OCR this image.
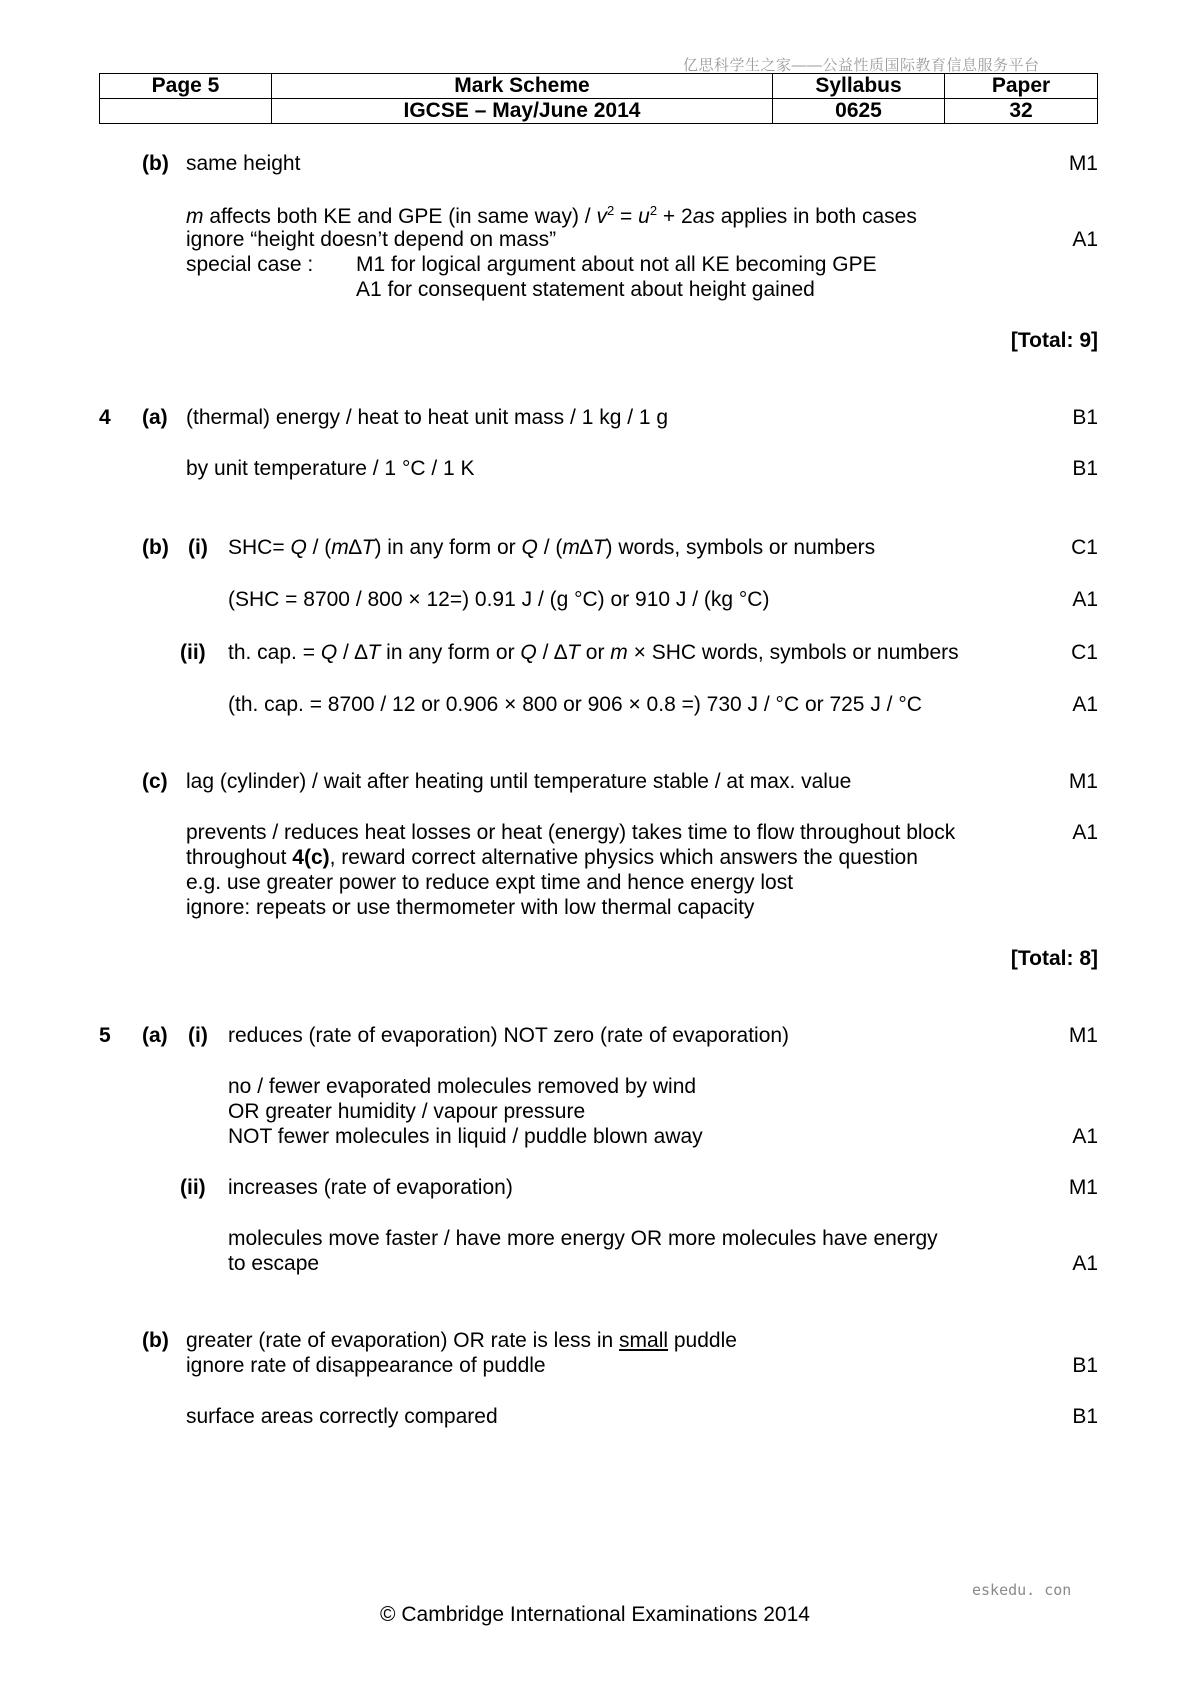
亿思科学生之家——公益性质国际教育信息服务平台
Page 5	Mark Scheme	Syllabus	Paper
	IGCSE – May/June 2014	0625	32
(b) same height	M1
m affects both KE and GPE (in same $way) / v^2 = u^2 + 2as$ applies in both cases
ignore “height doesn’t depend on mass”	A1
special case : M1 for logical argument about not all KE becoming GPE
A1 for consequent statement about height gained
[Total: 9]
4 (a) (thermal) energy / heat to heat unit mass / 1 kg / 1 g	B1
by unit temperature / 1 °C / 1 K	B1
(b) (i) SHC= Q / (m∆T) in any form or Q / (m∆T) words, symbols or numbers	C1
(SHC = 8700 / 800 × 12=) 0.91 J / (g °C) or 910 J / (kg °C)	A1
(ii) th. cap. = Q / ∆T in any form or Q / ∆T or m × SHC words, symbols or numbers	C1
(th. cap. = 8700 / 12 or 0.906 × 800 or 906 × 0.8 =) 730 J / °C or 725 J / °C	A1
(c) lag (cylinder) / wait after heating until temperature stable / at max. value	M1
prevents / reduces heat losses or heat (energy) takes time to flow throughout block	A1
throughout 4(c), reward correct alternative physics which answers the question
e.g. use greater power to reduce expt time and hence energy lost
ignore: repeats or use thermometer with low thermal capacity
[Total: 8]
5 (a) (i) reduces (rate of evaporation) NOT zero (rate of evaporation)	M1
no / fewer evaporated molecules removed by wind
OR greater humidity / vapour pressure
NOT fewer molecules in liquid / puddle blown away	A1
(ii) increases (rate of evaporation)	M1
molecules move faster / have more energy OR more molecules have energy
to escape	A1
(b) greater (rate of evaporation) OR rate is less in small puddle
ignore rate of disappearance of puddle	B1
surface areas correctly compared	B1
eskedu. con
© Cambridge International Examinations 2014
